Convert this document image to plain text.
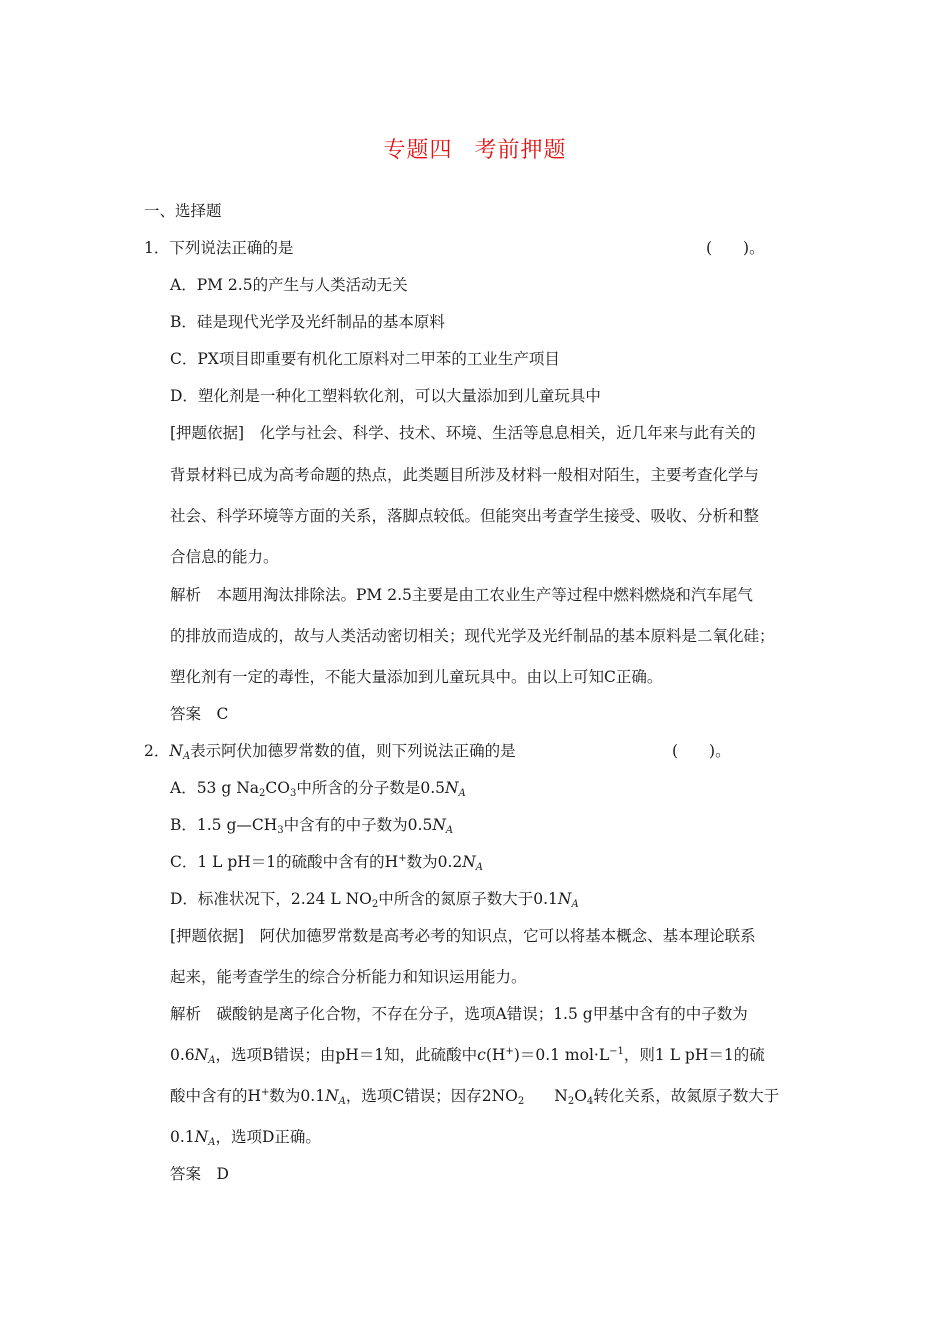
专题四 考前押题
一、选择题
1．下列说法正确的是	(　　)。
A．PM 2.5的产生与人类活动无关
B．硅是现代光学及光纤制品的基本原料
C．PX项目即重要有机化工原料对二甲苯的工业生产项目
D．塑化剂是一种化工塑料软化剂，可以大量添加到儿童玩具中
[押题依据]　化学与社会、科学、技术、环境、生活等息息相关，近几年来与此有关的
背景材料已成为高考命题的热点，此类题目所涉及材料一般相对陌生，主要考查化学与
社会、科学环境等方面的关系，落脚点较低。但能突出考查学生接受、吸收、分析和整
合信息的能力。
解析　本题用淘汰排除法。PM 2.5主要是由工农业生产等过程中燃料燃烧和汽车尾气
的排放而造成的，故与人类活动密切相关；现代光学及光纤制品的基本原料是二氧化硅；
塑化剂有一定的毒性，不能大量添加到儿童玩具中。由以上可知C正确。
答案　C
2．$N_A$表示阿伏加德罗常数的值，则下列说法正确的是	(　　)。
A．53 g $Na_2CO_3$中所含的分子数是$0.5N_A$
B．1.5 $g—CH_3$中含有的中子数为$0.5N_A$
C．1 L pH＝1的硫酸中含有的H+数为$0.2N_A$
D．标准状况下，2.24 L $NO_2$中所含的氮原子数大于$0.1N_A$
[押题依据]　阿伏加德罗常数是高考必考的知识点，它可以将基本概念、基本理论联系
起来，能考查学生的综合分析能力和知识运用能力。
解析　碳酸钠是离子化合物，不存在分子，选项A错误；1.5 g甲基中含有的中子数为
$0.6N_A$，选项B错误；由pH＝1知，此硫酸中c(H+)＝0.1 $mol\cdot L^{-1}$，则1 L pH＝1的硫
酸中含有的H+数为$0.1N_A$，选项C错误；因存$2NO_2$ $N_2O_4$转化关系，故氮原子数大于
$0.1N_A$，选项D正确。
答案　D
